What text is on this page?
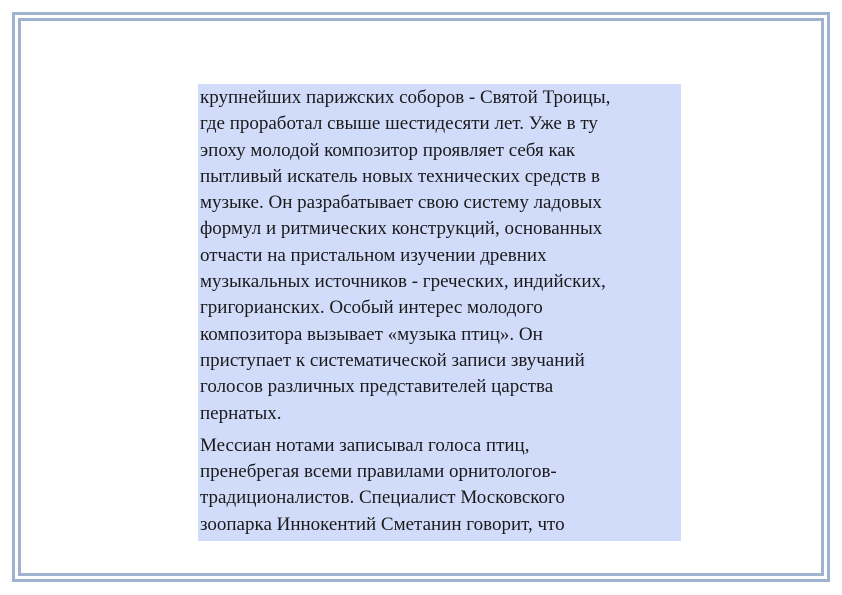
крупнейших парижских соборов - Святой Троицы,
где проработал свыше шестидесяти лет. Уже в ту
эпоху молодой композитор проявляет себя как
пытливый искатель новых технических средств в
музыке. Он разрабатывает свою систему ладовых
формул и ритмических конструкций, основанных
отчасти на пристальном изучении древних
музыкальных источников - греческих, индийских,
григорианских. Особый интерес молодого
композитора вызывает «музыка птиц». Он
приступает к систематической записи звучаний
голосов различных представителей царства
пернатых.

Мессиан нотами записывал голоса птиц,
пренебрегая всеми правилами орнитологов-
традиционалистов. Специалист Московского
зоопарка Иннокентий Сметанин говорит, что
